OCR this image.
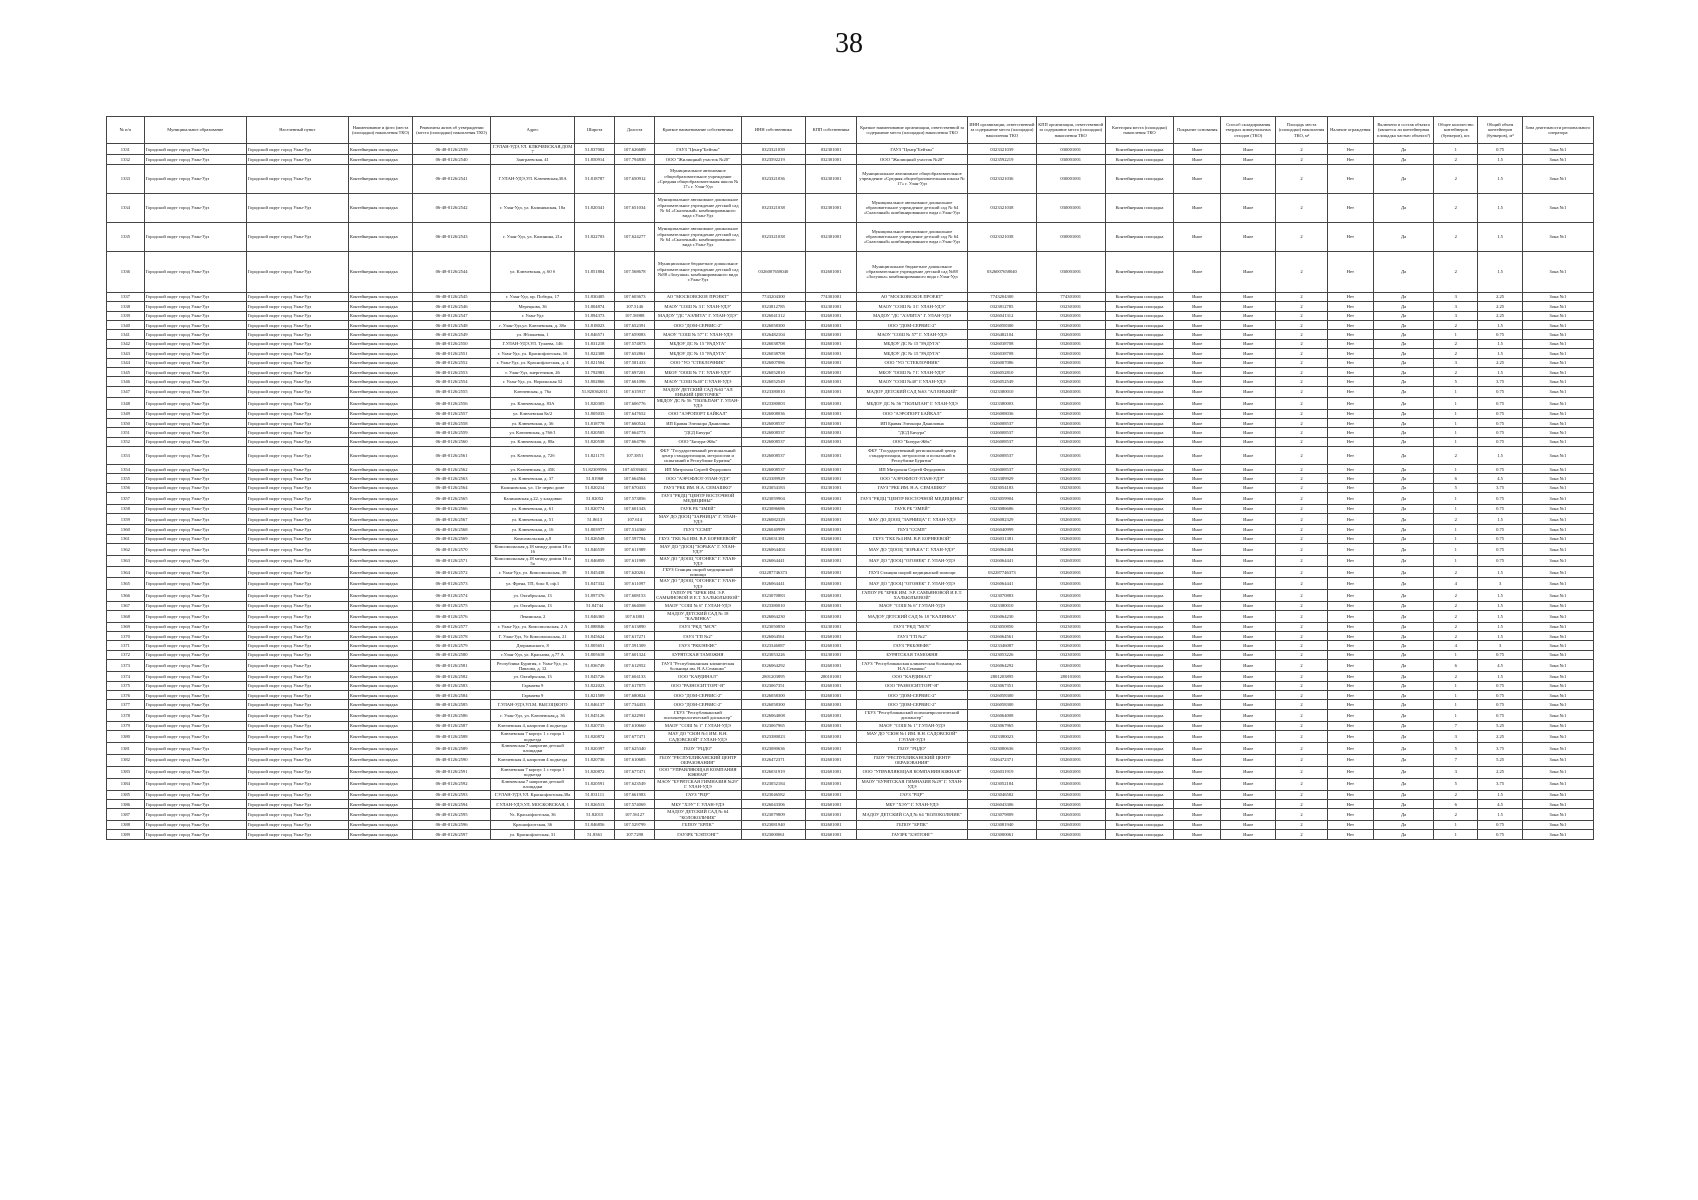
38
№ п/п	Муниципальное образование	Населенный пункт	Наименование и фото (места (площадки) накопления ТКО)	Реквизиты актов об утверждении (места (площадки) накопления ТКО)	Адрес	Широта	Долгота	Краткое наименование собственника	ИНН собственника	КПП собственника	Краткое наименование организации, ответственной за содержание места (площадки) накопления ТКО	ИНН организации, ответственной за содержание места (площадки) накопления ТКО	КПП организации, ответственной за содержание места (площадки) накопления ТКО	Категория места (площадки) накопления ТКО	Покрытие основания	Способ складирования твердых коммунальных отходов (ТКО)	Площадь места (площадки) накопления ТКО, м²	Наличие ограждения	Включено в состав объекта (является ли контейнерная площадка частью объекта?)	Общее количество контейнеров (бункеров), шт.	Общий объем контейнеров (бункеров), м³	Зона деятельности регионального оператора
1331	Городской округ город Улан-Удэ	Городской округ город Улан-Удэ	Контейнерная площадка	06-48-0126/2539	Г.УЛАН-УДЭ,УЛ. КЛЮЧЕВСКАЯ,ДОМ 7	51.837002	107.626689	ГАУЗ "Центр"Бейтан"	0323321039	032301001	ГАУЗ "Центр"Бейтан"	0323321039	030001001	Контейнерная площадка	Иное	Иное	2	Нет	Да	1	0.75	Зона №1
1332	Городской округ город Улан-Удэ	Городской округ город Улан-Удэ	Контейнерная площадка	06-48-0126/2540	Заиграевская, 41	51.850914	107.794830	ООО "Жилищный участок №20"	0323592219	032301001	ООО "Жилищный участок №20"	0323592219	030001001	Контейнерная площадка	Иное	Иное	2	Нет	Да	2	1.5	Зона №1
1333	Городской округ город Улан-Удэ	Городской округ город Улан-Удэ	Контейнерная площадка	06-48-0126/2541	Г.УЛАН-УДЭ,УЛ. Ключевская,30А	51.818787	107.650912	Муниципальное автономное общеобразовательное учреждение «Средняя общеобразовательная школа № 17» г. Улан-Удэ	0323321036	032301001	Муниципальное автономное общеобразовательное учреждение «Средняя общеобразовательная школа № 17» г. Улан-Удэ	0323321036	030001001	Контейнерная площадка	Иное	Иное	2	Нет	Да	2	1.5	Зона №1
1334	Городской округ город Улан-Удэ	Городской округ город Улан-Удэ	Контейнерная площадка	06-48-0126/2542	г. Улан-Удэ, ул. Калининская, 18а	51.820341	107.651034	Муниципальное автономное дошкольное образовательное учреждение детский сад № 64 «Сказочный» комбинированного вида г.Улан-Удэ	0323321038	032301001	Муниципальное автономное дошкольное образовательное учреждение детский сад № 64 «Сказочный» комбинированного вида г.Улан-Удэ	0323321038	030001001	Контейнерная площадка	Иное	Иное	2	Нет	Да	2	1.5	Зона №1
1335	Городской округ город Улан-Удэ	Городской округ город Улан-Удэ	Контейнерная площадка	06-48-0126/2543	г. Улан-Удэ, ул. Калинина, 21а	51.822703	107.624277	Муниципальное автономное дошкольное образовательное учреждение детский сад № 64 «Сказочный» комбинированного вида г.Улан-Удэ	0323321038	032301001	Муниципальное автономное дошкольное образовательное учреждение детский сад № 64 «Сказочный» комбинированного вида г.Улан-Удэ	0323321038	030001001	Контейнерная площадка	Иное	Иное	2	Нет	Да	2	1.5	Зона №1
1336	Городской округ город Улан-Удэ	Городской округ город Улан-Удэ	Контейнерная площадка	06-48-0126/2544	ул. Ключевская, д. 60 б	51.851804	107.568678	Муниципальное бюджетное дошкольное образовательное учреждение детский сад №88 «Золушка» комбинированного вида г.Улан-Удэ	0326007658040	032601001	Муниципальное бюджетное дошкольное образовательное учреждение детский сад №88 «Золушка» комбинированного вида г.Улан-Удэ	0326007658040	030001001	Контейнерная площадка	Иное	Иное	2	Нет	Да	2	1.5	Зона №1
1337	Городской округ город Улан-Удэ	Городской округ город Улан-Удэ	Контейнерная площадка	06-48-0126/2545	г. Улан-Удэ, пр. Победы, 17	51.830405	107.603673	АО "МОСКОВСКОЕ ПРОЕКТ"	7743204300	774301001	АО "МОСКОВСКОЕ ПРОЕКТ"	7743204300	774301001	Контейнерная площадка	Иное	Иное	2	Нет	Да	3	2.25	Зона №1
1338	Городской округ город Улан-Удэ	Городской округ город Улан-Удэ	Контейнерная площадка	06-48-0126/2546	Мерецкова, 36	51.804874	107.5146	МАОУ "СОШ № 3 Г. УЛАН-УДЭ"	0323812785	032301001	МАОУ "СОШ № 3 Г. УЛАН-УДЭ"	0323812785	032301001	Контейнерная площадка	Иное	Иное	2	Нет	Да	3	2.25	Зона №1
1339	Городской округ город Улан-Удэ	Городской округ город Улан-Удэ	Контейнерная площадка	06-48-0126/2547	г. Улан-Удэ	51.894373	107.56988	МАДОУ "ДС "АЭЛИТА" Г. УЛАН-УДЭ"	0326041312	032601001	МАДОУ "ДС "АЭЛИТА" Г. УЛАН-УДЭ	0326041312	032601001	Контейнерная площадка	Иное	Иное	2	Нет	Да	3	2.25	Зона №1
1340	Городской округ город Улан-Удэ	Городской округ город Улан-Удэ	Контейнерная площадка	06-48-0126/2548	г. Улан-Удэ,ул. Ключевская, д. 38а	51.818023	107.652391	ООО "ДОМ-СЕРВИС-2"	0326058300	032601001	ООО "ДОМ-СЕРВИС-2"	0326058300	032601001	Контейнерная площадка	Иное	Иное	2	Нет	Да	2	1.5	Зона №1
1341	Городской округ город Улан-Удэ	Городской округ город Улан-Удэ	Контейнерная площадка	06-48-0126/2549	ул. Яблоневая, 1	51.846571	107.659083	МАОУ "СОШ № 57" Г. УЛАН-УДЭ	0326482104	032601001	МАОУ "СОШ № 57" Г. УЛАН-УДЭ	0326482104	032601001	Контейнерная площадка	Иное	Иное	2	Нет	Да	1	0.75	Зона №1
1342	Городской округ город Улан-Удэ	Городской округ город Улан-Удэ	Контейнерная площадка	06-48-0126/2550	Г.УЛАН-УДЭ,УЛ. Тулаева, 146	51.831218	107.574873	МБДОУ ДС № 15 "РАДУГА"	0326038708	032601001	МБДОУ ДС № 15 "РАДУГА"	0326038708	032601001	Контейнерная площадка	Иное	Иное	2	Нет	Да	2	1.5	Зона №1
1343	Городской округ город Улан-Удэ	Городской округ город Улан-Удэ	Контейнерная площадка	06-48-0126/2551	г. Улан-Удэ, ул. Краснофлотская, 1б	51.822308	107.652861	МБДОУ ДС № 15 "РАДУГА"	0326038708	032601001	МБДОУ ДС № 15 "РАДУГА"	0326038708	032601001	Контейнерная площадка	Иное	Иное	2	Нет	Да	2	1.5	Зона №1
1344	Городской округ город Улан-Удэ	Городской округ город Улан-Удэ	Контейнерная площадка	06-48-0126/2552	г. Улан-Удэ, ул. Краснофлотская, д. 4	51.821504	107.581433	ООО "УО "СТЕКЛОЧНИК"	0326007086	032601001	ООО "УО "СТЕКЛОЧНИК"	0326007086	032601001	Контейнерная площадка	Иное	Иное	2	Нет	Да	3	2.25	Зона №1
1345	Городской округ город Улан-Удэ	Городской округ город Улан-Удэ	Контейнерная площадка	06-48-0126/2553	г. Улан-Удэ, энергетиков, 26	51.792983	107.697201	МБОУ "ООШ № 7 Г. УЛАН-УДЭ"	0326052810	032601001	МБОУ "ООШ № 7 Г. УЛАН-УДЭ"	0326052810	032601001	Контейнерная площадка	Иное	Иное	2	Нет	Да	2	1.5	Зона №1
1346	Городской округ город Улан-Удэ	Городской округ город Улан-Удэ	Контейнерная площадка	06-48-0126/2554	г. Улан-Удэ, ул. Норильская 52	51.802866	107.661096	МАОУ "СОШ №40" Г.УЛАН-УДЭ	0326052549	032601001	МАОУ "СОШ №40" Г.УЛАН-УДЭ	0326052549	032601001	Контейнерная площадка	Иное	Иное	2	Нет	Да	5	3.75	Зона №1
1347	Городской округ город Улан-Удэ	Городской округ город Улан-Удэ	Контейнерная площадка	06-48-0126/2555	Ключевская, д. 76а	51.820362011	107.615917	МАДОУ ДЕТСКИЙ САД №63 "АЛ ЕНЬКИЙ ЦВЕТОЧЕК"	0323380010	032601001	МАДОУ ДЕТСКИЙ САД №63 "АЛ ЕНЬКИЙ"	0323380010	032601001	Контейнерная площадка	Иное	Иное	2	Нет	Да	1	0.75	Зона №1
1348	Городской округ город Улан-Удэ	Городской округ город Улан-Удэ	Контейнерная площадка	06-48-0126/2556	ул. Ключевская,д. 83А	51.820305	107.606776	МБДОУ ДС № 56 "ТЮЛЬПАН" Г. УЛАН-УДЭ	0323380003	032601001	МБДОУ ДС № 56 "ТЮЛЬПАН" Г. УЛАН-УДЭ	0323380003	032601001	Контейнерная площадка	Иное	Иное	2	Нет	Да	1	0.75	Зона №1
1349	Городской округ город Улан-Удэ	Городской округ город Улан-Удэ	Контейнерная площадка	06-48-0126/2557	ул. Ключевская 8а/2	51.805035	107.647652	ООО "АЭРОПОРТ БАЙКАЛ"	0326008036	032601001	ООО "АЭРОПОРТ БАЙКАЛ"	0326008036	032601001	Контейнерная площадка	Иное	Иное	2	Нет	Да	1	0.75	Зона №1
1350	Городской округ город Улан-Удэ	Городской округ город Улан-Удэ	Контейнерная площадка	06-48-0126/2558	ул. Ключевская, д. 36	51.818778	107.660524	ИП Бравая Элеонора Даниловна	0326008537	032601001	ИП Бравая Элеонора Даниловна	0326008537	032601001	Контейнерная площадка	Иное	Иное	2	Нет	Да	1	0.75	Зона №1
1351	Городской округ город Улан-Удэ	Городской округ город Улан-Удэ	Контейнерная площадка	06-48-0126/2559	ул. Ключевская, д.76б/1	51.820505	107.664773	"ДСД Бичура"	0326008537	032601001	"ДСД Бичура"	0326008537	032601001	Контейнерная площадка	Иное	Иное	2	Нет	Да	1	0.75	Зона №1
1352	Городской округ город Улан-Удэ	Городской округ город Улан-Удэ	Контейнерная площадка	06-48-0126/2560	ул. Ключевская, д. 88а	51.820538	107.664796	ООО "Бичура-Жбк"	0326008537	032601001	ООО "Бичура-Жбк"	0326008537	032601001	Контейнерная площадка	Иное	Иное	2	Нет	Да	1	0.75	Зона №1
1353	Городской округ город Улан-Удэ	Городской округ город Улан-Удэ	Контейнерная площадка	06-48-0126/2561	ул. Ключевская, д. 72б	51.821175	107.3851	ФБУ "Государственный региональный центр стандартизации, метрологии и испытаний в Республике Бурятия"	0326008537	032601001	ФБУ "Государственный региональный центр стандартизации, метрологии и испытаний в Республике Бурятия"	0326008537	032601001	Контейнерная площадка	Иное	Иное	2	Нет	Да	2	1.5	Зона №1
1354	Городской округ город Улан-Удэ	Городской округ город Улан-Удэ	Контейнерная площадка	06-48-0126/2562	ул. Ключевская, д. 45Б	51.82309596	107.6539463	ИП Митрохин Сергей Федорович	0326008537	032601001	ИП Митрохин Сергей Федорович	0326008537	032601001	Контейнерная площадка	Иное	Иное	2	Нет	Да	1	0.75	Зона №1
1355	Городской округ город Улан-Удэ	Городской округ город Улан-Удэ	Контейнерная площадка	06-48-0126/2563	ул. Ключевская, д. 37	51.81968	107.664564	ООО "АЭРОФЛОТ-УЛАН-УДЭ"	0323389929	032601001	ООО "АЭРОФЛОТ-УЛАН-УДЭ"	0323389929	032601001	Контейнерная площадка	Иное	Иное	2	Нет	Да	6	4.5	Зона №1
1356	Городской округ город Улан-Удэ	Городской округ город Улан-Удэ	Контейнерная площадка	06-48-0126/2564	Калиновская, ул. 11е перво доме	51.820214	107.670433	ГАУЗ "РКБ ИМ. Н.А. СЕМАШКО"	0323054183	032301001	ГАУЗ "РКБ ИМ. Н.А. СЕМАШКО"	0323054183	032301001	Контейнерная площадка	Иное	Иное	2	Нет	Да	5	3.75	Зона №1
1357	Городской округ город Улан-Удэ	Городской округ город Улан-Удэ	Контейнерная площадка	06-48-0126/2565	Калиновская д.22, у кладовки	51.82052	107.573856	ГАУЗ "РКДЦ "ЦЕНТР ВОСТОЧНОЙ МЕДИЦИНЫ"	0323059904	032601001	ГАУЗ "РКДЦ "ЦЕНТР ВОСТОЧНОЙ МЕДИЦИНЫ"	0323059904	032601001	Контейнерная площадка	Иное	Иное	2	Нет	Да	1	0.75	Зона №1
1358	Городской округ город Улан-Удэ	Городской округ город Улан-Удэ	Контейнерная площадка	06-48-0126/2566	ул. Ключевская, д. 61	51.820774	107.601343	ГАУК РБ "ЗМЕЙ"	0323086686	032601001	ГАУК РБ "ЗМЕЙ"	0323086686	032601001	Контейнерная площадка	Иное	Иное	2	Нет	Да	1	0.75	Зона №1
1359	Городской округ город Улан-Удэ	Городской округ город Улан-Удэ	Контейнерная площадка	06-48-0126/2567	ул. Ключевская, д. 51	51.8613	107.614	МАУ ДО ДООЦ "ЗАРНИЦА" Г. УЛАН-УДЭ	0326082329	032601001	МАУ ДО ДООЦ "ЗАРНИЦА" Г. УЛАН-УДЭ	0326082329	032601001	Контейнерная площадка	Иное	Иное	2	Нет	Да	2	1.5	Зона №1
1360	Городской округ город Улан-Удэ	Городской округ город Улан-Удэ	Контейнерная площадка	06-48-0126/2568	ул. Ключевская, д. 16	51.803977	107.514360	ГБУЗ "ССМП"	0326040999	032601001	ГБУЗ "ССМП"	0326040999	032601001	Контейнерная площадка	Иное	Иное	2	Нет	Да	1	0.75	Зона №1
1361	Городской округ город Улан-Удэ	Городской округ город Улан-Удэ	Контейнерная площадка	06-48-0126/2569	Комсомольская д.8	51.826548	107.597784	ГБУЗ "ГКБ №4 ИМ. В.Р. БОРНЕЕВОЙ"	0326031381	032601001	ГБУЗ "ГКБ №4 ИМ. В.Р. БОРНЕЕВОЙ"	0326031381	032601001	Контейнерная площадка	Иное	Иное	2	Нет	Да	1	0.75	Зона №1
1362	Городской округ город Улан-Удэ	Городской округ город Улан-Удэ	Контейнерная площадка	06-48-0126/2570	Комсомольская д.18 между домом 18 и 16	51.846539	107.611989	МАУ ДО "ДООЦ "ЗОРЬКА" Г. УЛАН-УДЭ"	0326064404	032601001	МАУ ДО "ДООЦ "ЗОРЬКА" Г. УЛАН-УДЭ"	0326064404	032601001	Контейнерная площадка	Иное	Иное	2	Нет	Да	1	0.75	Зона №1
1363	Городской округ город Улан-Удэ	Городской округ город Улан-Удэ	Контейнерная площадка	06-48-0126/2571	Комсомольская д.18 между домом 16 и 5а	51.846859	107.611989	МАУ ДО "ДООЦ "ОГОНЕК" Г. УЛАН-УДЭ	0326064441	032601001	МАУ ДО "ДООЦ "ОГОНЕК" Г. УЛАН-УДЭ	0326064441	032601001	Контейнерная площадка	Иное	Иное	2	Нет	Да	1	0.75	Зона №1
1364	Городской округ город Улан-Удэ	Городской округ город Улан-Удэ	Контейнерная площадка	06-48-0126/2572	г. Улан-Удэ, ул. Комсомольская, 39	51.845438	107.620261	ГБУЗ Станция скорой медицинской помощи	032287746373	032601001	ГБУЗ Станция скорой медицинской помощи	032287746373	032601001	Контейнерная площадка	Иное	Иное	2	Нет	Да	2	1.5	Зона №1
1365	Городской округ город Улан-Удэ	Городской округ город Улан-Удэ	Контейнерная площадка	06-48-0126/2573	ул. Френа, ТП, бокс 8, оф.1	51.847332	107.611097	МАУ ДО "ДООЦ "ОГОНЕК" Г. УЛАН-УДЭ	0326064441	032601001	МАУ ДО "ДООЦ "ОГОНЕК" Г. УЛАН-УДЭ	0326064441	032601001	Контейнерная площадка	Иное	Иное	2	Нет	Да	4	3	Зона №1
1366	Городской округ город Улан-Удэ	Городской округ город Улан-Удэ	Контейнерная площадка	06-48-0126/2574	ул. Октябрьская, 13	51.897376	107.608153	ГАПОУ РБ "БРКК ИМ. Э.Р. САМЬЯНОВОЙ И Е.Т. ХАЛЬЮЛЬЕВОЙ"	0323070883	032601001	ГАПОУ РБ "БРКК ИМ. Э.Р. САМЬЯНОВОЙ И Е.Т. ХАЛЬЮЛЬЕВОЙ"	0323070883	032601001	Контейнерная площадка	Иное	Иное	2	Нет	Да	2	1.5	Зона №1
1367	Городской округ город Улан-Удэ	Городской округ город Улан-Удэ	Контейнерная площадка	06-48-0126/2575	ул. Октябрьская, 13	51.84744	107.664008	МАОУ "СОШ № 6" Г.УЛАН-УДЭ	0323380010	032601001	МАОУ "СОШ № 6" Г.УЛАН-УДЭ	0323380010	032601001	Контейнерная площадка	Иное	Иное	2	Нет	Да	2	1.5	Зона №1
1368	Городской округ город Улан-Удэ	Городской округ город Улан-Удэ	Контейнерная площадка	06-48-0126/2576	Ленинская, 2	51.846365	107.61801	МАДОУ ДЕТСКИЙ САД № 18 "КАЛИНКА"	0326064230	032601001	МАДОУ ДЕТСКИЙ САД № 18 "КАЛИНКА"	0326064230	032601001	Контейнерная площадка	Иное	Иное	2	Нет	Да	2	1.5	Зона №1
1369	Городской округ город Улан-Удэ	Городской округ город Улан-Удэ	Контейнерная площадка	06-48-0126/2577	г. Улан-Удэ, ул. Комсомольская, 2 А	51.888846	107.613890	ГАУЗ "РКД "МСЧ"	0323050850	032301001	ГАУЗ "РКД "МСЧ"	0323050850	032301001	Контейнерная площадка	Иное	Иное	2	Нет	Да	2	1.5	Зона №1
1370	Городской округ город Улан-Удэ	Городской округ город Улан-Удэ	Контейнерная площадка	06-48-0126/2578	Г. Улан-Удэ, Ул Комсомольская, 21	51.845624	107.617271	ГАУЗ "ГП №2"	0326064561	032601001	ГАУЗ "ГП №2"	0326064561	032601001	Контейнерная площадка	Иное	Иное	2	Нет	Да	2	1.5	Зона №1
1371	Городской округ город Улан-Удэ	Городской округ город Улан-Удэ	Контейнерная площадка	06-48-0126/2579	Дзержинского, 8	51.805651	107.591309	ГАУЗ "РКБ/НЕФЕ"	0323346087	032601001	ГАУЗ "РКБ/НЕФЕ"	0323346087	032601001	Контейнерная площадка	Иное	Иное	2	Нет	Да	4	3	Зона №1
1372	Городской округ город Улан-Удэ	Городской округ город Улан-Удэ	Контейнерная площадка	06-48-0126/2580	г.Улан-Удэ, ул. Краснова, д.77 А	51.805618	107.601324	БУРЯТСКАЯ ТАМОЖНЯ	0323053226	032301001	БУРЯТСКАЯ ТАМОЖНЯ	0323053226	032301001	Контейнерная площадка	Иное	Иное	2	Нет	Да	1	0.75	Зона №1
1373	Городской округ город Улан-Удэ	Городской округ город Улан-Удэ	Контейнерная площадка	06-48-0126/2581	Республика Бурятия, г. Улан-Удэ, ул. Павлова, д. 12	51.836749	107.612952	ГАУЗ "Республиканская клиническая больница им. Н.А.Семашко"	0326064292	032601001	ГАУЗ "Республиканская клиническая больница им. Н.А.Семашко"	0326064292	032601001	Контейнерная площадка	Иное	Иное	2	Нет	Да	6	4.5	Зона №1
1374	Городской округ город Улан-Удэ	Городской округ город Улан-Удэ	Контейнерная площадка	06-48-0126/2582	ул. Октябрьская, 13	51.845726	107.604133	ООО "КАРДИНАЛ"	2801203895	280101001	ООО "КАРДИНАЛ"	2801203895	280101001	Контейнерная площадка	Иное	Иное	2	Нет	Да	2	1.5	Зона №1
1375	Городской округ город Улан-Удэ	Городской округ город Улан-Удэ	Контейнерная площадка	06-48-0126/2583	Гармаева 9	51.822023	107.617875	ООО "РАЗНОСИТТОРГ-Я"	0323067351	032601001	ООО "РАЗНОСИТТОРГ-Я"	0323067351	032601001	Контейнерная площадка	Иное	Иное	2	Нет	Да	1	0.75	Зона №1
1376	Городской округ город Улан-Удэ	Городской округ город Улан-Удэ	Контейнерная площадка	06-48-0126/2584	Гармаева 9	51.821509	107.680824	ООО "ДОМ-СЕРВИС-2"	0326058300	032601001	ООО "ДОМ-СЕРВИС-2"	0326058300	032601001	Контейнерная площадка	Иное	Иное	2	Нет	Да	1	0.75	Зона №1
1377	Городской округ город Улан-Удэ	Городской округ город Улан-Удэ	Контейнерная площадка	06-48-0126/2585	Г.УЛАН-УДЭ,УЛ.М. ВЫСОЦКОГО	51.846137	107.734453	ООО "ДОМ-СЕРВИС-2"	0326058300	032601001	ООО "ДОМ-СЕРВИС-2"	0326058300	032601001	Контейнерная площадка	Иное	Иное	2	Нет	Да	1	0.75	Зона №1
1378	Городской округ город Улан-Удэ	Городской округ город Улан-Удэ	Контейнерная площадка	06-48-0126/2586	г. Улан-Удэ, ул. Ключевская,д. 36	51.845126	107.622901	ГБУЗ "Республиканский психоневрологический диспансер"	0326064008	032601001	ГБУЗ "Республиканский психоневрологический диспансер"	0326064008	032601001	Контейнерная площадка	Иное	Иное	2	Нет	Да	1	0.75	Зона №1
1379	Городской округ город Улан-Удэ	Городской округ город Улан-Удэ	Контейнерная площадка	06-48-0126/2587	Ключевская 4, напротив 4 подъезда	51.820735	107.610660	МАОУ "СОШ № 1" Г.УЛАН-УДЭ	0323067965	032601001	МАОУ "СОШ № 1" Г.УЛАН-УДЭ	0323067965	032601001	Контейнерная площадка	Иное	Иное	2	Нет	Да	7	5.25	Зона №1
1380	Городской округ город Улан-Удэ	Городской округ город Улан-Удэ	Контейнерная площадка	06-48-0126/2588	Ключевская 7 корпус 1 с торца 1 подъезда	51.820872	107.677471	МАУ ДО "СЮН №1 ИМ. В.Н. САДОВСКОЙ" Г.УЛАН-УДЭ	0323380023	032601001	МАУ ДО "СЮН №1 ИМ. В.Н. САДОВСКОЙ" Г.УЛАН-УДЭ	0323380023	032601001	Контейнерная площадка	Иное	Иное	2	Нет	Да	3	2.25	Зона №1
1381	Городской округ город Улан-Удэ	Городской округ город Улан-Удэ	Контейнерная площадка	06-48-0126/2589	Ключевская 7 напротив детской площадки	51.820397	107.625340	ГБОУ "РЦДО"	0323080636	032601001	ГБОУ "РЦДО"	0323080636	032601001	Контейнерная площадка	Иное	Иное	2	Нет	Да	5	3.75	Зона №1
1382	Городской округ город Улан-Удэ	Городской округ город Улан-Удэ	Контейнерная площадка	06-48-0126/2590	Ключевская 4, напротив 4 подъезда	51.820736	107.610685	ГБОУ "РЕСПУБЛИКАНСКИЙ ЦЕНТР ОБРАЗОВАНИЯ"	0326472371	032601001	ГБОУ "РЕСПУБЛИКАНСКИЙ ЦЕНТР ОБРАЗОВАНИЯ"	0326472371	032601001	Контейнерная площадка	Иное	Иное	2	Нет	Да	7	5.25	Зона №1
1383	Городской округ город Улан-Удэ	Городской округ город Улан-Удэ	Контейнерная площадка	06-48-0126/2591	Ключевская 7 корпус 1 с торца 1 подъезда	51.820872	107.677471	ООО "УПРАВЛЯЮЩАЯ КОМПАНИЯ ЮЖНАЯ"	0326031919	032601001	ООО "УПРАВЛЯЮЩАЯ КОМПАНИЯ ЮЖНАЯ"	0326031919	032601001	Контейнерная площадка	Иное	Иное	2	Нет	Да	3	2.25	Зона №1
1384	Городской округ город Улан-Удэ	Городской округ город Улан-Удэ	Контейнерная площадка	06-48-0126/2592	Ключевская 7 напротив детской площадки	51.820591	107.623549	МАОУ "БУРЯТСКАЯ ГИМНАЗИЯ №29" Г. УЛАН-УДЭ	0323052184	032601001	МАОУ "БУРЯТСКАЯ ГИМНАЗИЯ №29" Г. УЛАН-УДЭ	0323052184	032601001	Контейнерная площадка	Иное	Иное	2	Нет	Да	5	3.75	Зона №1
1385	Городской округ город Улан-Удэ	Городской округ город Улан-Удэ	Контейнерная площадка	06-48-0126/2593	Г.УЛАН-УДЭ,УЛ. Краснофлотская,38а	51.831111	107.661983	ГАУЗ "РЦР"	0323046582	032601001	ГАУЗ "РЦР"	0323046582	032601001	Контейнерная площадка	Иное	Иное	2	Нет	Да	2	1.5	Зона №1
1386	Городской округ город Улан-Удэ	Городской округ город Улан-Удэ	Контейнерная площадка	06-48-0126/2594	Г.УЛАН-УДЭ,УЛ. МОСКОВСКАЯ, 1	51.826513	107.574069	МБУ "ХЭУ" Г. УЛАН-УДЭ	0326043306	032601001	МБУ "ХЭУ" Г. УЛАН-УДЭ	0326043306	032601001	Контейнерная площадка	Иное	Иное	2	Нет	Да	6	4.5	Зона №1
1387	Городской округ город Улан-Удэ	Городской округ город Улан-Удэ	Контейнерная площадка	06-48-0126/2595	Ул. Краснофлотская, 36	51.82015	107.56127	МАДОУ ДЕТСКИЙ САД № 64 "КОЛОКОЛЬЧИК"	0323079809	032601001	МАДОУ ДЕТСКИЙ САД № 64 "КОЛОКОЛЬЧИК"	0323079809	032601001	Контейнерная площадка	Иное	Иное	2	Нет	Да	2	1.5	Зона №1
1388	Городской округ город Улан-Удэ	Городской округ город Улан-Удэ	Контейнерная площадка	06-48-0126/2596	Краснофлотская, 36	51.846856	107.529799	ГБПОУ "БРПК"	0323081940	032601001	ГБПОУ "БРПК"	0323081940	032601001	Контейнерная площадка	Иное	Иное	2	Нет	Да	1	0.75	Зона №1
1389	Городской округ город Улан-Удэ	Городской округ город Улан-Удэ	Контейнерная площадка	06-48-0126/2597	ул. Краснофлотская, 31	51.8361	107.7298	ГАУЗРБ "БЭЛТОНГ"	0323000061	032601001	ГАУЗРБ "БЭЛТОНГ"	0323000061	032601001	Контейнерная площадка	Иное	Иное	2	Нет	Да	1	0.75	Зона №1
